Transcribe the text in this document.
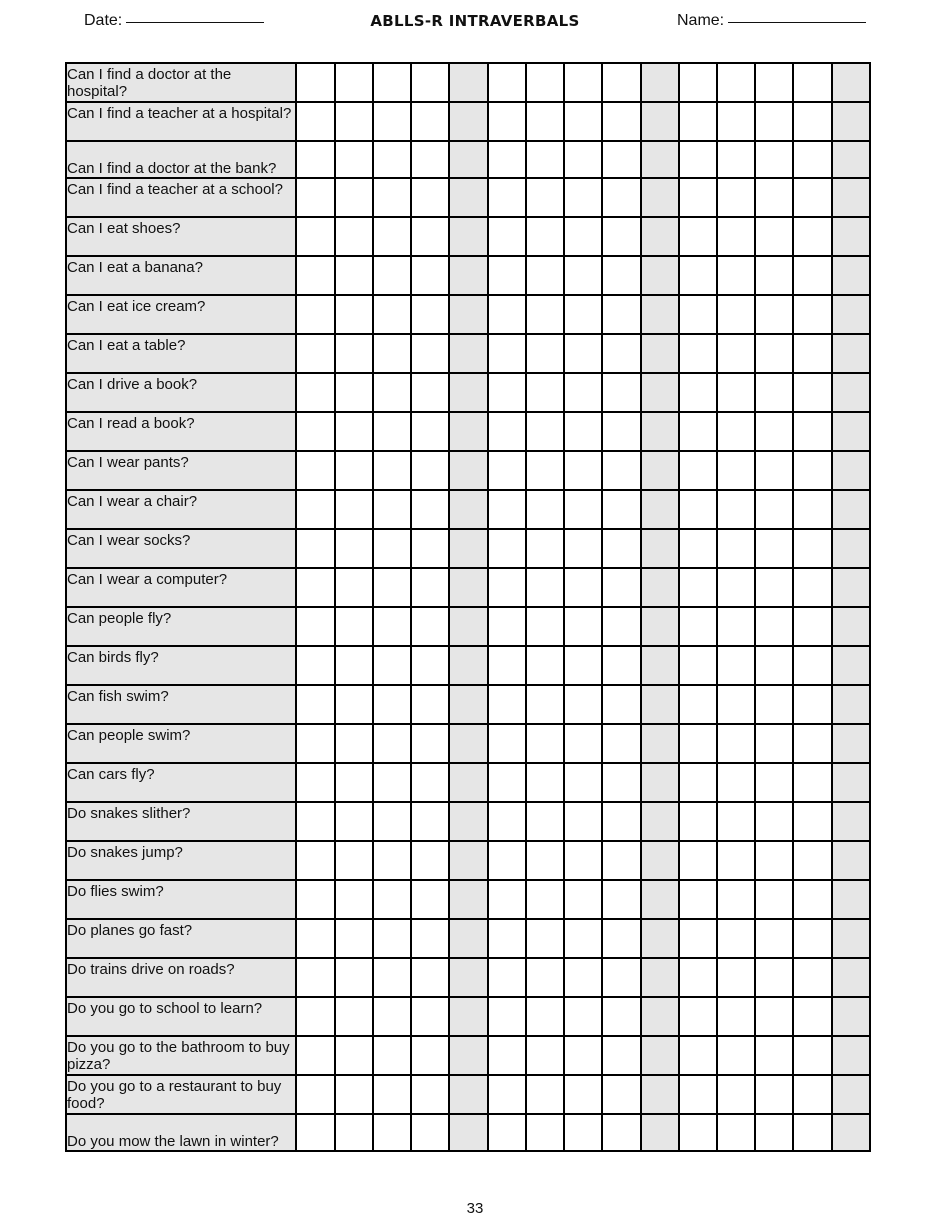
Date:	ABLLS-R INTRAVERBALS	Name:
Can I find a doctor at the hospital?															
Can I find a teacher at a hospital?															
Can I find a doctor at the bank?															
Can I find a teacher at a school?															
Can I eat shoes?															
Can I eat a banana?															
Can I eat ice cream?															
Can I eat a table?															
Can I drive a book?															
Can I read a book?															
Can I wear pants?															
Can I wear a chair?															
Can I wear socks?															
Can I wear a computer?															
Can people fly?															
Can birds fly?															
Can fish swim?															
Can people swim?															
Can cars fly?															
Do snakes slither?															
Do snakes jump?															
Do flies swim?															
Do planes go fast?															
Do trains drive on roads?															
Do you go to school to learn?															
Do you go to the bathroom to buy pizza?															
Do you go to a restaurant to buy food?															
Do you mow the lawn in winter?															
33
